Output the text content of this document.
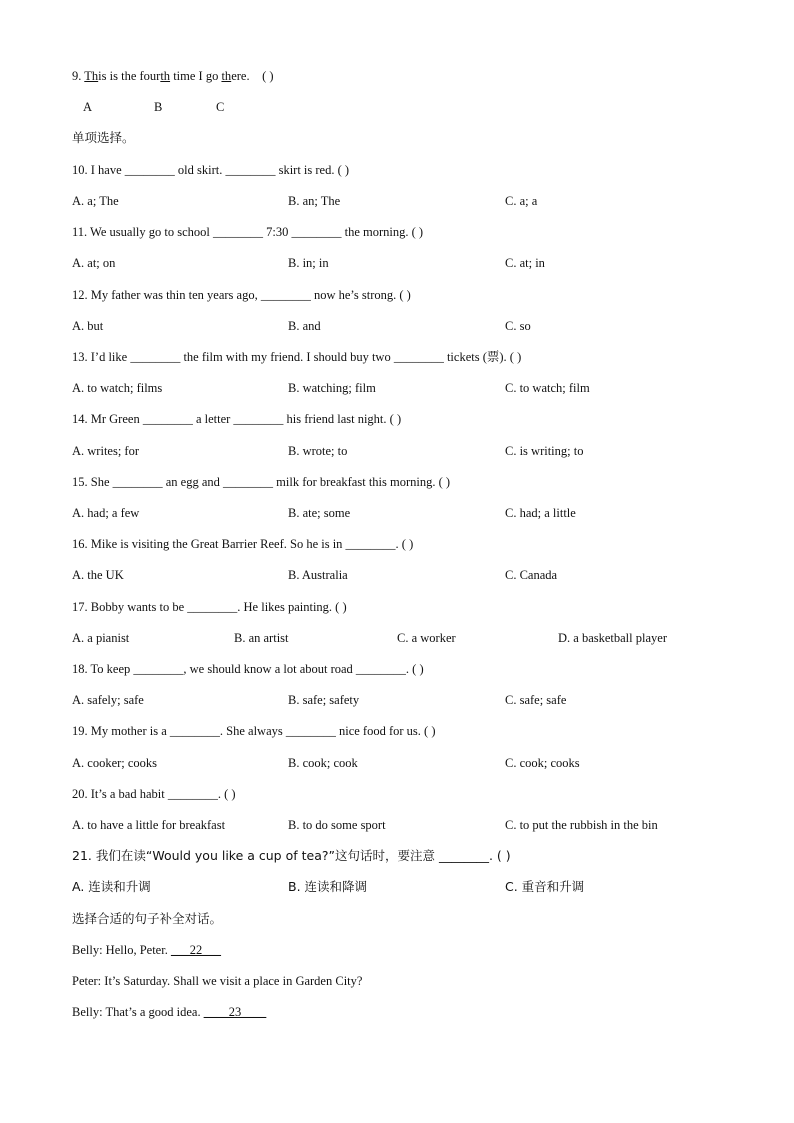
9. This is the fourth time I go there. ( )
A	B	C
单项选择。
10. I have ________ old skirt. ________ skirt is red. ( )
A. a; The	B. an; The	C. a; a
11. We usually go to school ________ 7:30 ________ the morning. ( )
A. at; on	B. in; in	C. at; in
12. My father was thin ten years ago, ________ now he’s strong. ( )
A. but	B. and	C. so
13. I’d like ________ the film with my friend. I should buy two ________ tickets (票). ( )
A. to watch; films	B. watching; film	C. to watch; film
14. Mr Green ________ a letter ________ his friend last night. ( )
A. writes; for	B. wrote; to	C. is writing; to
15. She ________ an egg and ________ milk for breakfast this morning. ( )
A. had; a few	B. ate; some	C. had; a little
16. Mike is visiting the Great Barrier Reef. So he is in ________. ( )
A. the UK	B. Australia	C. Canada
17. Bobby wants to be ________. He likes painting. ( )
A. a pianist	B. an artist	C. a worker	D. a basketball player
18. To keep ________, we should know a lot about road ________. ( )
A. safely; safe	B. safe; safety	C. safe; safe
19. My mother is a ________. She always ________ nice food for us. ( )
A. cooker; cooks	B. cook; cook	C. cook; cooks
20. It’s a bad habit ________. ( )
A. to have a little for breakfast	B. to do some sport	C. to put the rubbish in the bin
21. 我们在读“Would you like a cup of tea?”这句话时，要注意 ________. ( )
A. 连读和升调	B. 连读和降调	C. 重音和升调
选择合适的句子补全对话。
Belly: Hello, Peter. ___22___
Peter: It’s Saturday. Shall we visit a place in Garden City?
Belly: That’s a good idea. ____23____
